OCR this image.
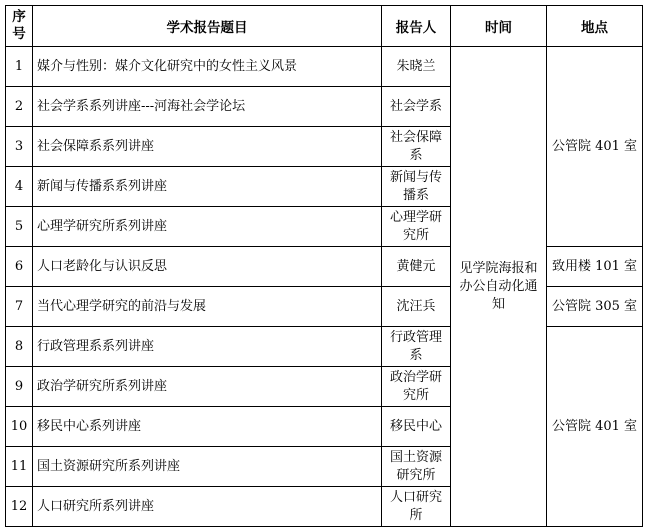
序号	学术报告题目	报告人	时间	地点
1	媒介与性别：媒介文化研究中的女性主义风景	朱晓兰	见学院海报和办公自动化通知	公管院 401 室
2	社会学系系列讲座---河海社会学论坛	社会学系		
3	社会保障系系列讲座	社会保障系		
4	新闻与传播系系列讲座	新闻与传播系		
5	心理学研究所系列讲座	心理学研究所		
6	人口老龄化与认识反思	黄健元		致用楼 101 室
7	当代心理学研究的前沿与发展	沈汪兵		公管院 305 室
8	行政管理系系列讲座	行政管理系		公管院 401 室
9	政治学研究所系列讲座	政治学研究所		
10	移民中心系列讲座	移民中心		
11	国土资源研究所系列讲座	国土资源研究所		
12	人口研究所系列讲座	人口研究所		
